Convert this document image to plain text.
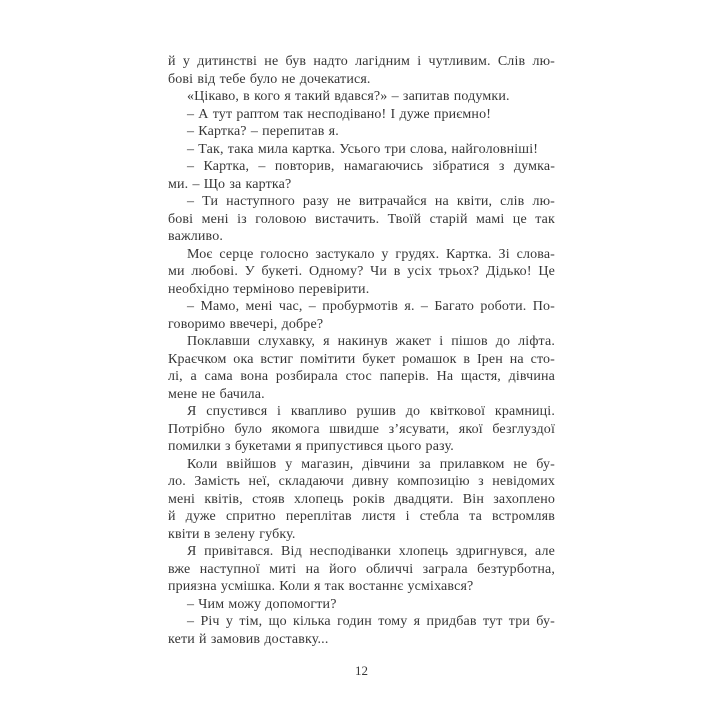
й у дитинстві не був надто лагідним і чутливим. Слів лю-
бові від тебе було не дочекатися.
«Цікаво, в кого я такий вдався?» – запитав подумки.
– А тут раптом так несподівано! І дуже приємно!
– Картка? – перепитав я.
– Так, така мила картка. Усього три слова, найголовніші!
– Картка, – повторив, намагаючись зібратися з думка-
ми. – Що за картка?
– Ти наступного разу не витрачайся на квіти, слів лю-
бові мені із головою вистачить. Твоїй старій мамі це так
важливо.
Моє серце голосно застукало у грудях. Картка. Зі слова-
ми любові. У букеті. Одному? Чи в усіх трьох? Дідько! Це
необхідно терміново перевірити.
– Мамо, мені час, – пробурмотів я. – Багато роботи. По-
говоримо ввечері, добре?
Поклавши слухавку, я накинув жакет і пішов до ліфта.
Краєчком ока встиг помітити букет ромашок в Ірен на сто-
лі, а сама вона розбирала стос паперів. На щастя, дівчина
мене не бачила.
Я спустився і квапливо рушив до квіткової крамниці.
Потрібно було якомога швидше з’ясувати, якої безглуздої
помилки з букетами я припустився цього разу.
Коли ввійшов у магазин, дівчини за прилавком не бу-
ло. Замість неї, складаючи дивну композицію з невідомих
мені квітів, стояв хлопець років двадцяти. Він захоплено
й дуже спритно переплітав листя і стебла та встромляв
квіти в зелену губку.
Я привітався. Від несподіванки хлопець здригнувся, але
вже наступної миті на його обличчі заграла безтурботна,
приязна усмішка. Коли я так востаннє усміхався?
– Чим можу допомогти?
– Річ у тім, що кілька годин тому я придбав тут три бу-
кети й замовив доставку...
12
